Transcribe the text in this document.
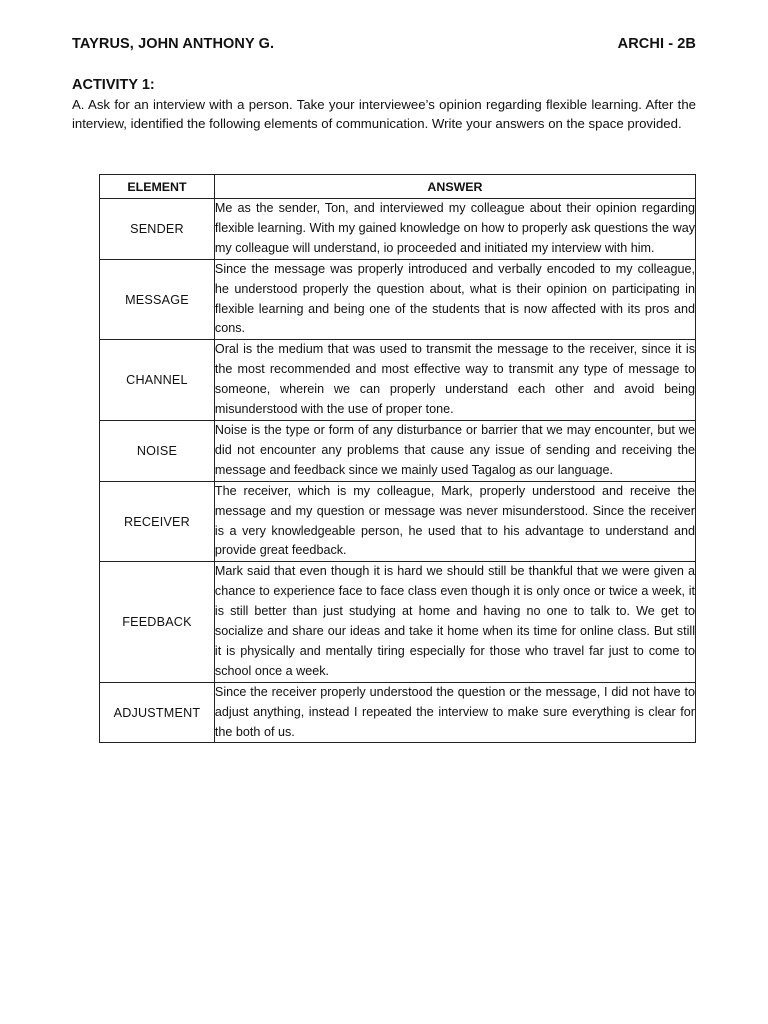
TAYRUS, JOHN ANTHONY G.	ARCHI - 2B
ACTIVITY 1:
A. Ask for an interview with a person. Take your interviewee’s opinion regarding flexible learning. After the interview, identified the following elements of communication. Write your answers on the space provided.
ELEMENT	ANSWER
SENDER	Me as the sender, Ton, and interviewed my colleague about their opinion regarding flexible learning. With my gained knowledge on how to properly ask questions the way my colleague will understand, io proceeded and initiated my interview with him.
MESSAGE	Since the message was properly introduced and verbally encoded to my colleague, he understood properly the question about, what is their opinion on participating in flexible learning and being one of the students that is now affected with its pros and cons.
CHANNEL	Oral is the medium that was used to transmit the message to the receiver, since it is the most recommended and most effective way to transmit any type of message to someone, wherein we can properly understand each other and avoid being misunderstood with the use of proper tone.
NOISE	Noise is the type or form of any disturbance or barrier that we may encounter, but we did not encounter any problems that cause any issue of sending and receiving the message and feedback since we mainly used Tagalog as our language.
RECEIVER	The receiver, which is my colleague, Mark, properly understood and receive the message and my question or message was never misunderstood. Since the receiver is a very knowledgeable person, he used that to his advantage to understand and provide great feedback.
FEEDBACK	Mark said that even though it is hard we should still be thankful that we were given a chance to experience face to face class even though it is only once or twice a week, it is still better than just studying at home and having no one to talk to. We get to socialize and share our ideas and take it home when its time for online class. But still it is physically and mentally tiring especially for those who travel far just to come to school once a week.
ADJUSTMENT	Since the receiver properly understood the question or the message, I did not have to adjust anything, instead I repeated the interview to make sure everything is clear for the both of us.
